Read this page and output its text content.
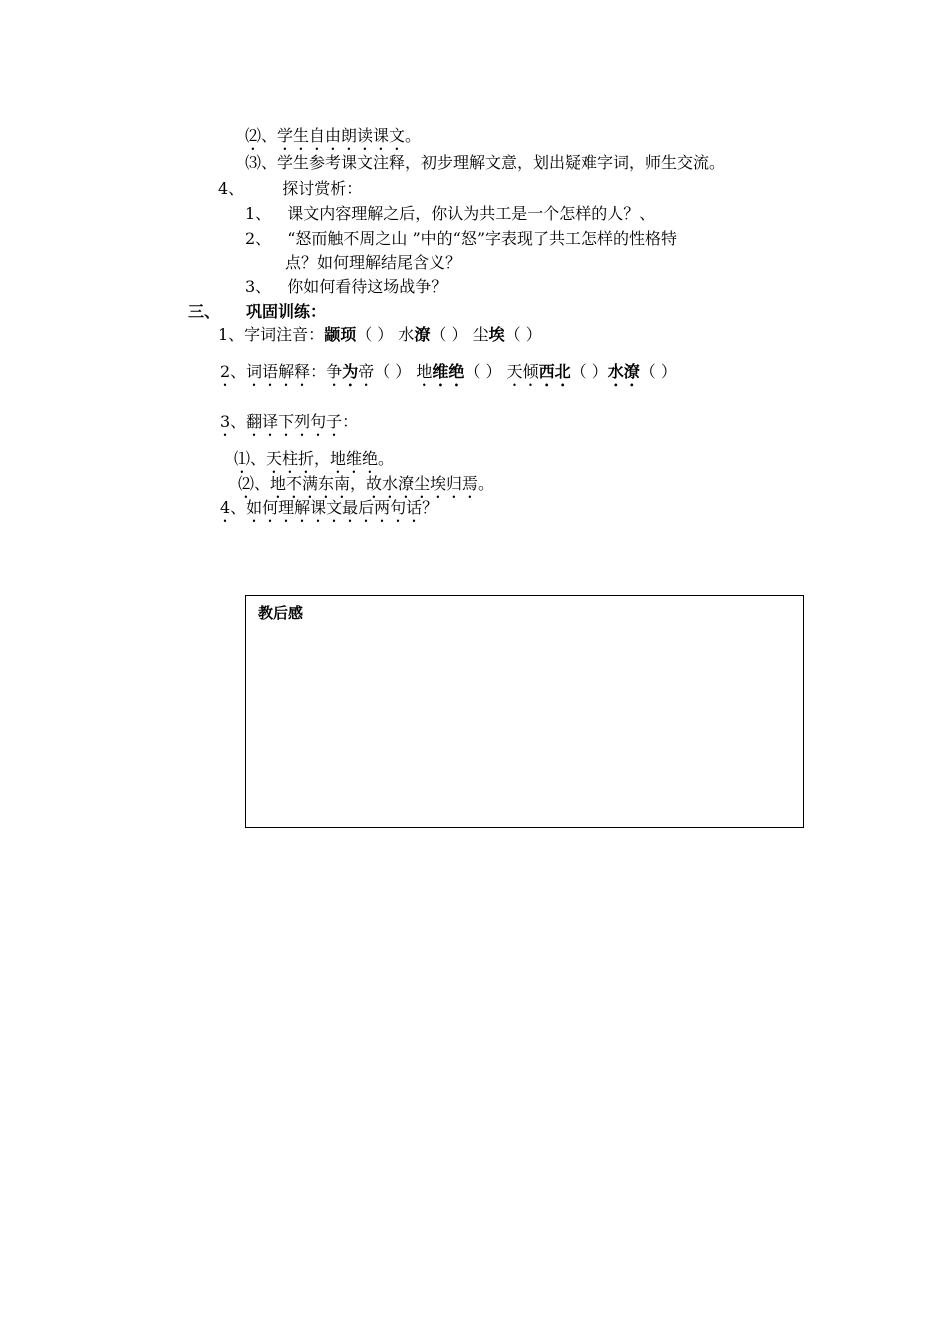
⑵、学生自由朗读课文。
⑶、学生参考课文注释，初步理解文意，划出疑难字词，师生交流。
4、 探讨赏析：
1、 课文内容理解之后，你认为共工是一个怎样的人？、
2、 “怒而触不周之山 ”中的“怒”字表现了共工怎样的性格特
点？如何理解结尾含义？
3、 你如何看待这场战争？
三、 巩固训练：
1、字词注音：颛顼（ ） 水潦（ ） 尘埃（ ）
2、词语解释：争为帝（ ） 地维绝（ ） 天倾西北（ ）水潦（ ）
3、翻译下列句子：
⑴、天柱折，地维绝。
⑵、地不满东南，故水潦尘埃归焉。
4、如何理解课文最后两句话？
教后感
